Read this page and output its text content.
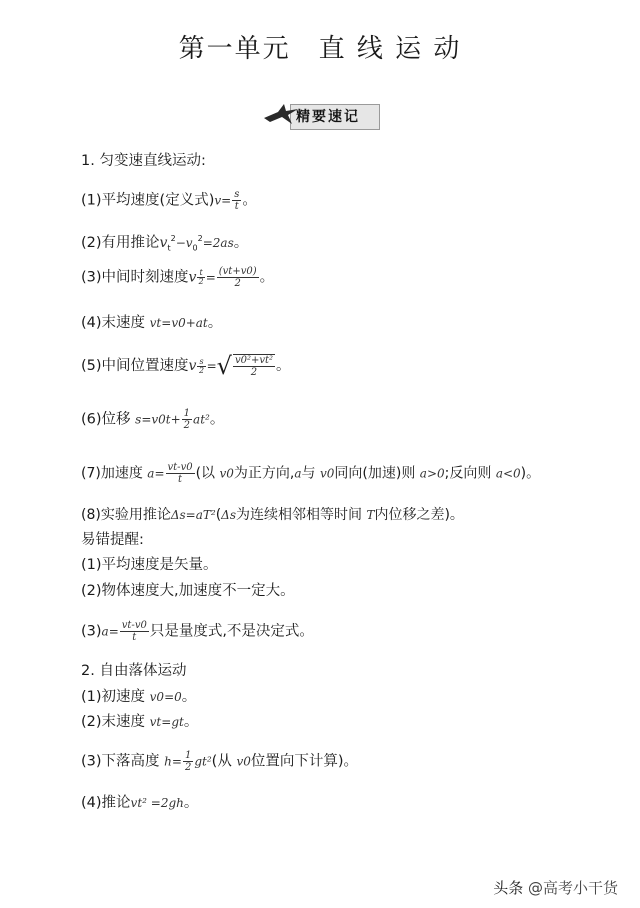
第一单元　直 线 运 动
精要速记
1. 匀变速直线运动:
(1)平均速度(定义式)$v= \frac{s}{t}$ 。
(2)有用推论$v_t^2-v_0^2=2as$。
(3)中间时刻速度v $\frac{t}{2} = \frac{(vt+v0)}{2}$ 。
(4)末速度 vt=v0+at。
(5)中间位置速度v $\frac{s}{2}$ =√ $\frac{\text{v0²+vt²}}{2}$ 。
(6)位移 $s=v0t+ \frac{1}{2} at^2$。
(7)加速度 $a= \frac{vt-v0}{t}$ (以 v0为正方向,a与 v0同向(加速)则 a>0;反向则 a<0)。
(8)实验用推论Δs=aT²(Δs为连续相邻相等时间 T内位移之差)。
易错提醒:
(1)平均速度是矢量。
(2)物体速度大,加速度不一定大。
$(3)a= \frac{vt-v0}{t}$ 只是量度式,不是决定式。
2. 自由落体运动
(1)初速度 v0=0。
(2)末速度 vt=gt。
(3)下落高度 $h= \frac{1}{2} gt^2$(从 v0位置向下计算)。
(4)推论vt² =2gh。
头条 @高考小干货
